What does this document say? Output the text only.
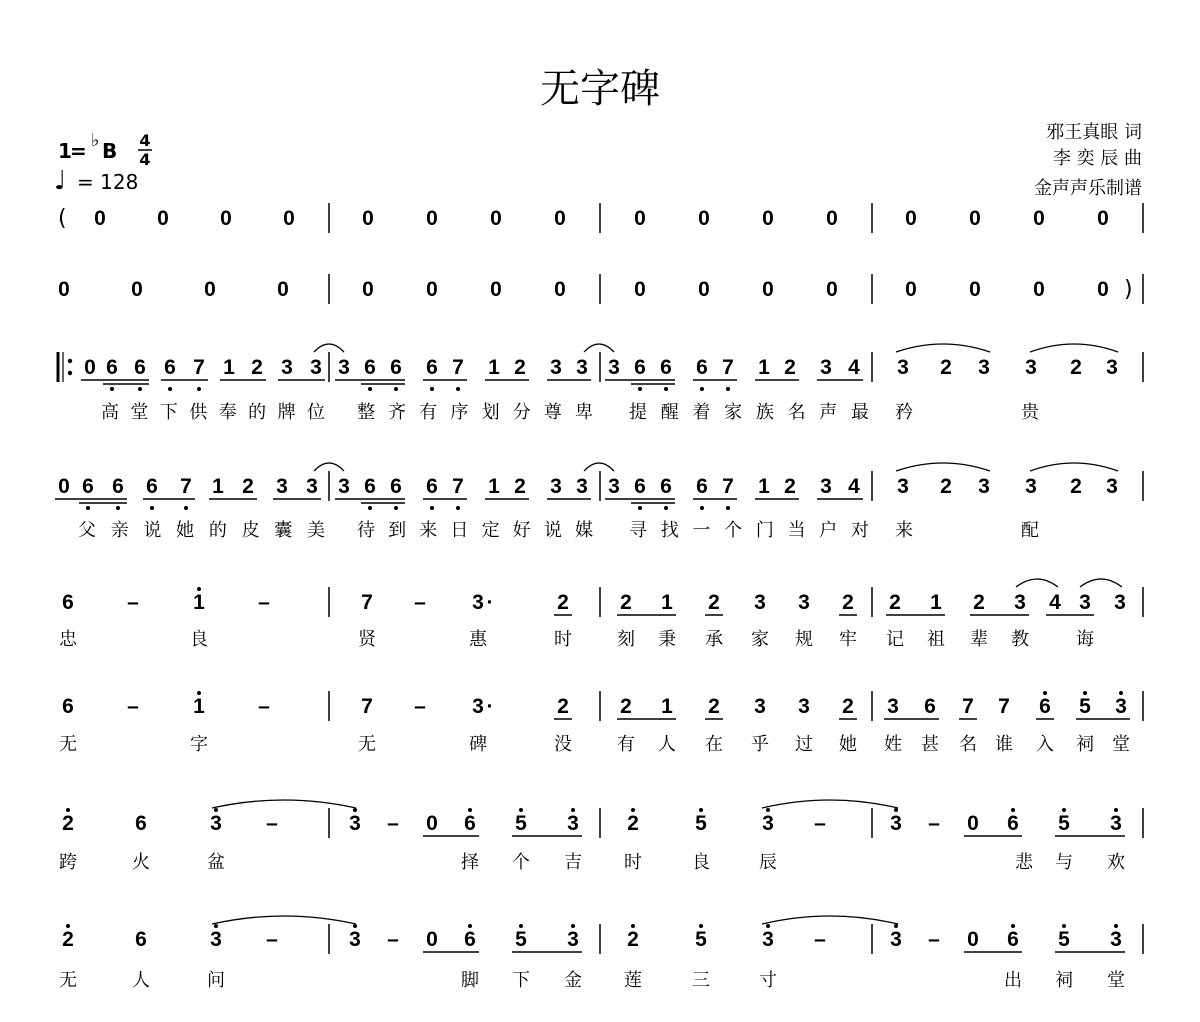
无字碑
1
= ♭ B 4
4
♩ = 128
邪王真眼 词
李 奕 辰 曲
金声声乐制谱
( 0 0 0 0	0 0 0 0	0 0 0 0	0 0 0 0
)
0	0	0	0	0 0 0 0	0 0 0 0	0 0 0 0
0 6 6 6 7 1 2 3 3 3 6 6 6 7 1 2 3 3 3 6 6 6 7 1 2 3 4 3 2 3 3 2 3
高 堂 下 供 奉 的 牌 位 整 齐 有 序 划 分 尊 卑 提 醒 着 家 族 名 声 最 矜	贵
0 6 6 6 7 1 2 3 3 3 6 6 6 7 1 2 3 3 3 6 6 6 7 1 2 3 4 3 2 3 3 2 3
父 亲 说 她 的 皮 囊 美 待 到 来 日 定 好 说 媒 寻 找 一 个 门 当 户 对 来	配
6	–	1	–	7 – 3 ·	2 2 1 2 3 3 2 2 1 2 3 4 3 3
忠	良	贤	惠	时	刻 秉 承 家 规 牢 记 祖 辈 教	诲
6	–	1	–	7 – 3 ·	2 2 1 2 3 3 2 3 6 7 7 6 5 3
无	字	无	碑	没	有 人 在 乎 过 她 姓 甚 名 谁 入 祠 堂
2	6	3 –	3 – 0 6 5 3 2	5	3 –	3 – 0 6 5 3
跨	火	盆	择 个 吉 时	良	辰	悲 与 欢
2	6	3 –	3 – 0 6 5 3 2	5	3 –	3 – 0 6 5 3
无	人	问	脚 下 金 莲	三	寸	出 祠 堂
